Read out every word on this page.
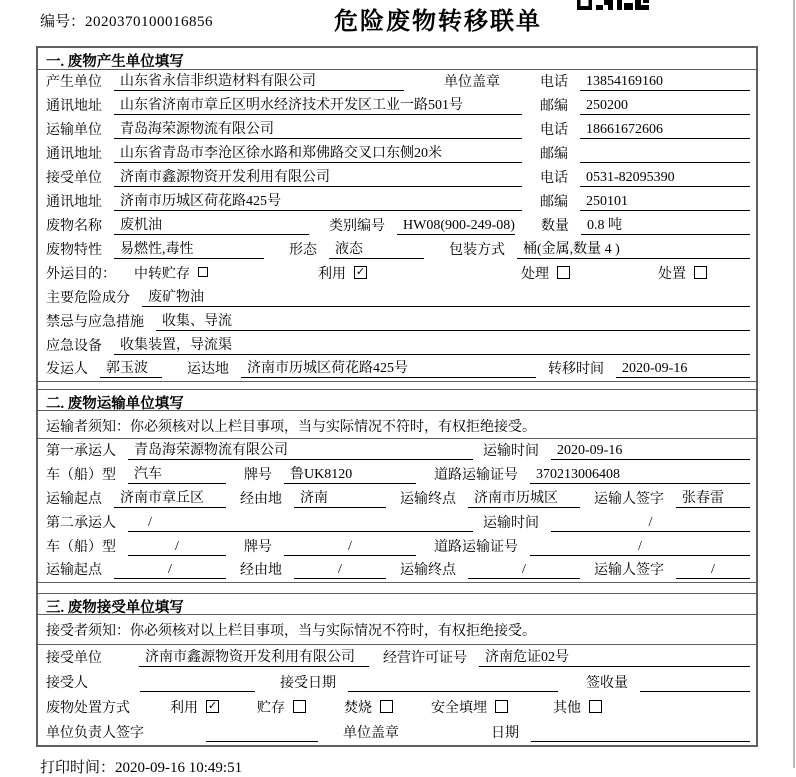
编号：2020370100016856	危险废物转移联单
一. 废物产生单位填写
产生单位	山东省永信非织造材料有限公司	单位盖章	电话	13854169160
通讯地址	山东省济南市章丘区明水经济技术开发区工业一路501号	邮编	250200
运输单位	青岛海荣源物流有限公司	电话	18661672606
通讯地址	山东省青岛市李沧区徐水路和郑佛路交叉口东侧20米	邮编
接受单位	济南市鑫源物资开发利用有限公司	电话	0531-82095390
通讯地址	济南市历城区荷花路425号	邮编	250101
废物名称	废机油	类别编号	HW08(900-249-08) 数量	0.8 吨
废物特性	易燃性,毒性	形态	液态	包装方式	桶(金属,数量 4 )
外运目的： 中转贮存	利用 ✓	处理	处置
主要危险成分	废矿物油
禁忌与应急措施	收集、导流
应急设备	收集装置，导流渠
发运人	郭玉波	运达地	济南市历城区荷花路425号	转移时间	2020-09-16
二. 废物运输单位填写
运输者须知：你必须核对以上栏目事项，当与实际情况不符时，有权拒绝接受。
第一承运人	青岛海荣源物流有限公司	运输时间	2020-09-16
车（船）型	汽车	牌号	鲁UK8120	道路运输证号	370213006408
运输起点	济南市章丘区	经由地	济南	运输终点	济南市历城区	运输人签字	张春雷
第二承运人	/	运输时间	/
车（船）型	/	牌号	/	道路运输证号	/
运输起点	/	经由地	/	运输终点	/	运输人签字	/
三. 废物接受单位填写
接受者须知：你必须核对以上栏目事项，当与实际情况不符时，有权拒绝接受。
接受单位	济南市鑫源物资开发利用有限公司	经营许可证号	济南危证02号
接受人	接受日期	签收量
废物处置方式	利用 ✓	贮存	焚烧	安全填埋	其他
单位负责人签字	单位盖章	日期
打印时间：2020-09-16 10:49:51
